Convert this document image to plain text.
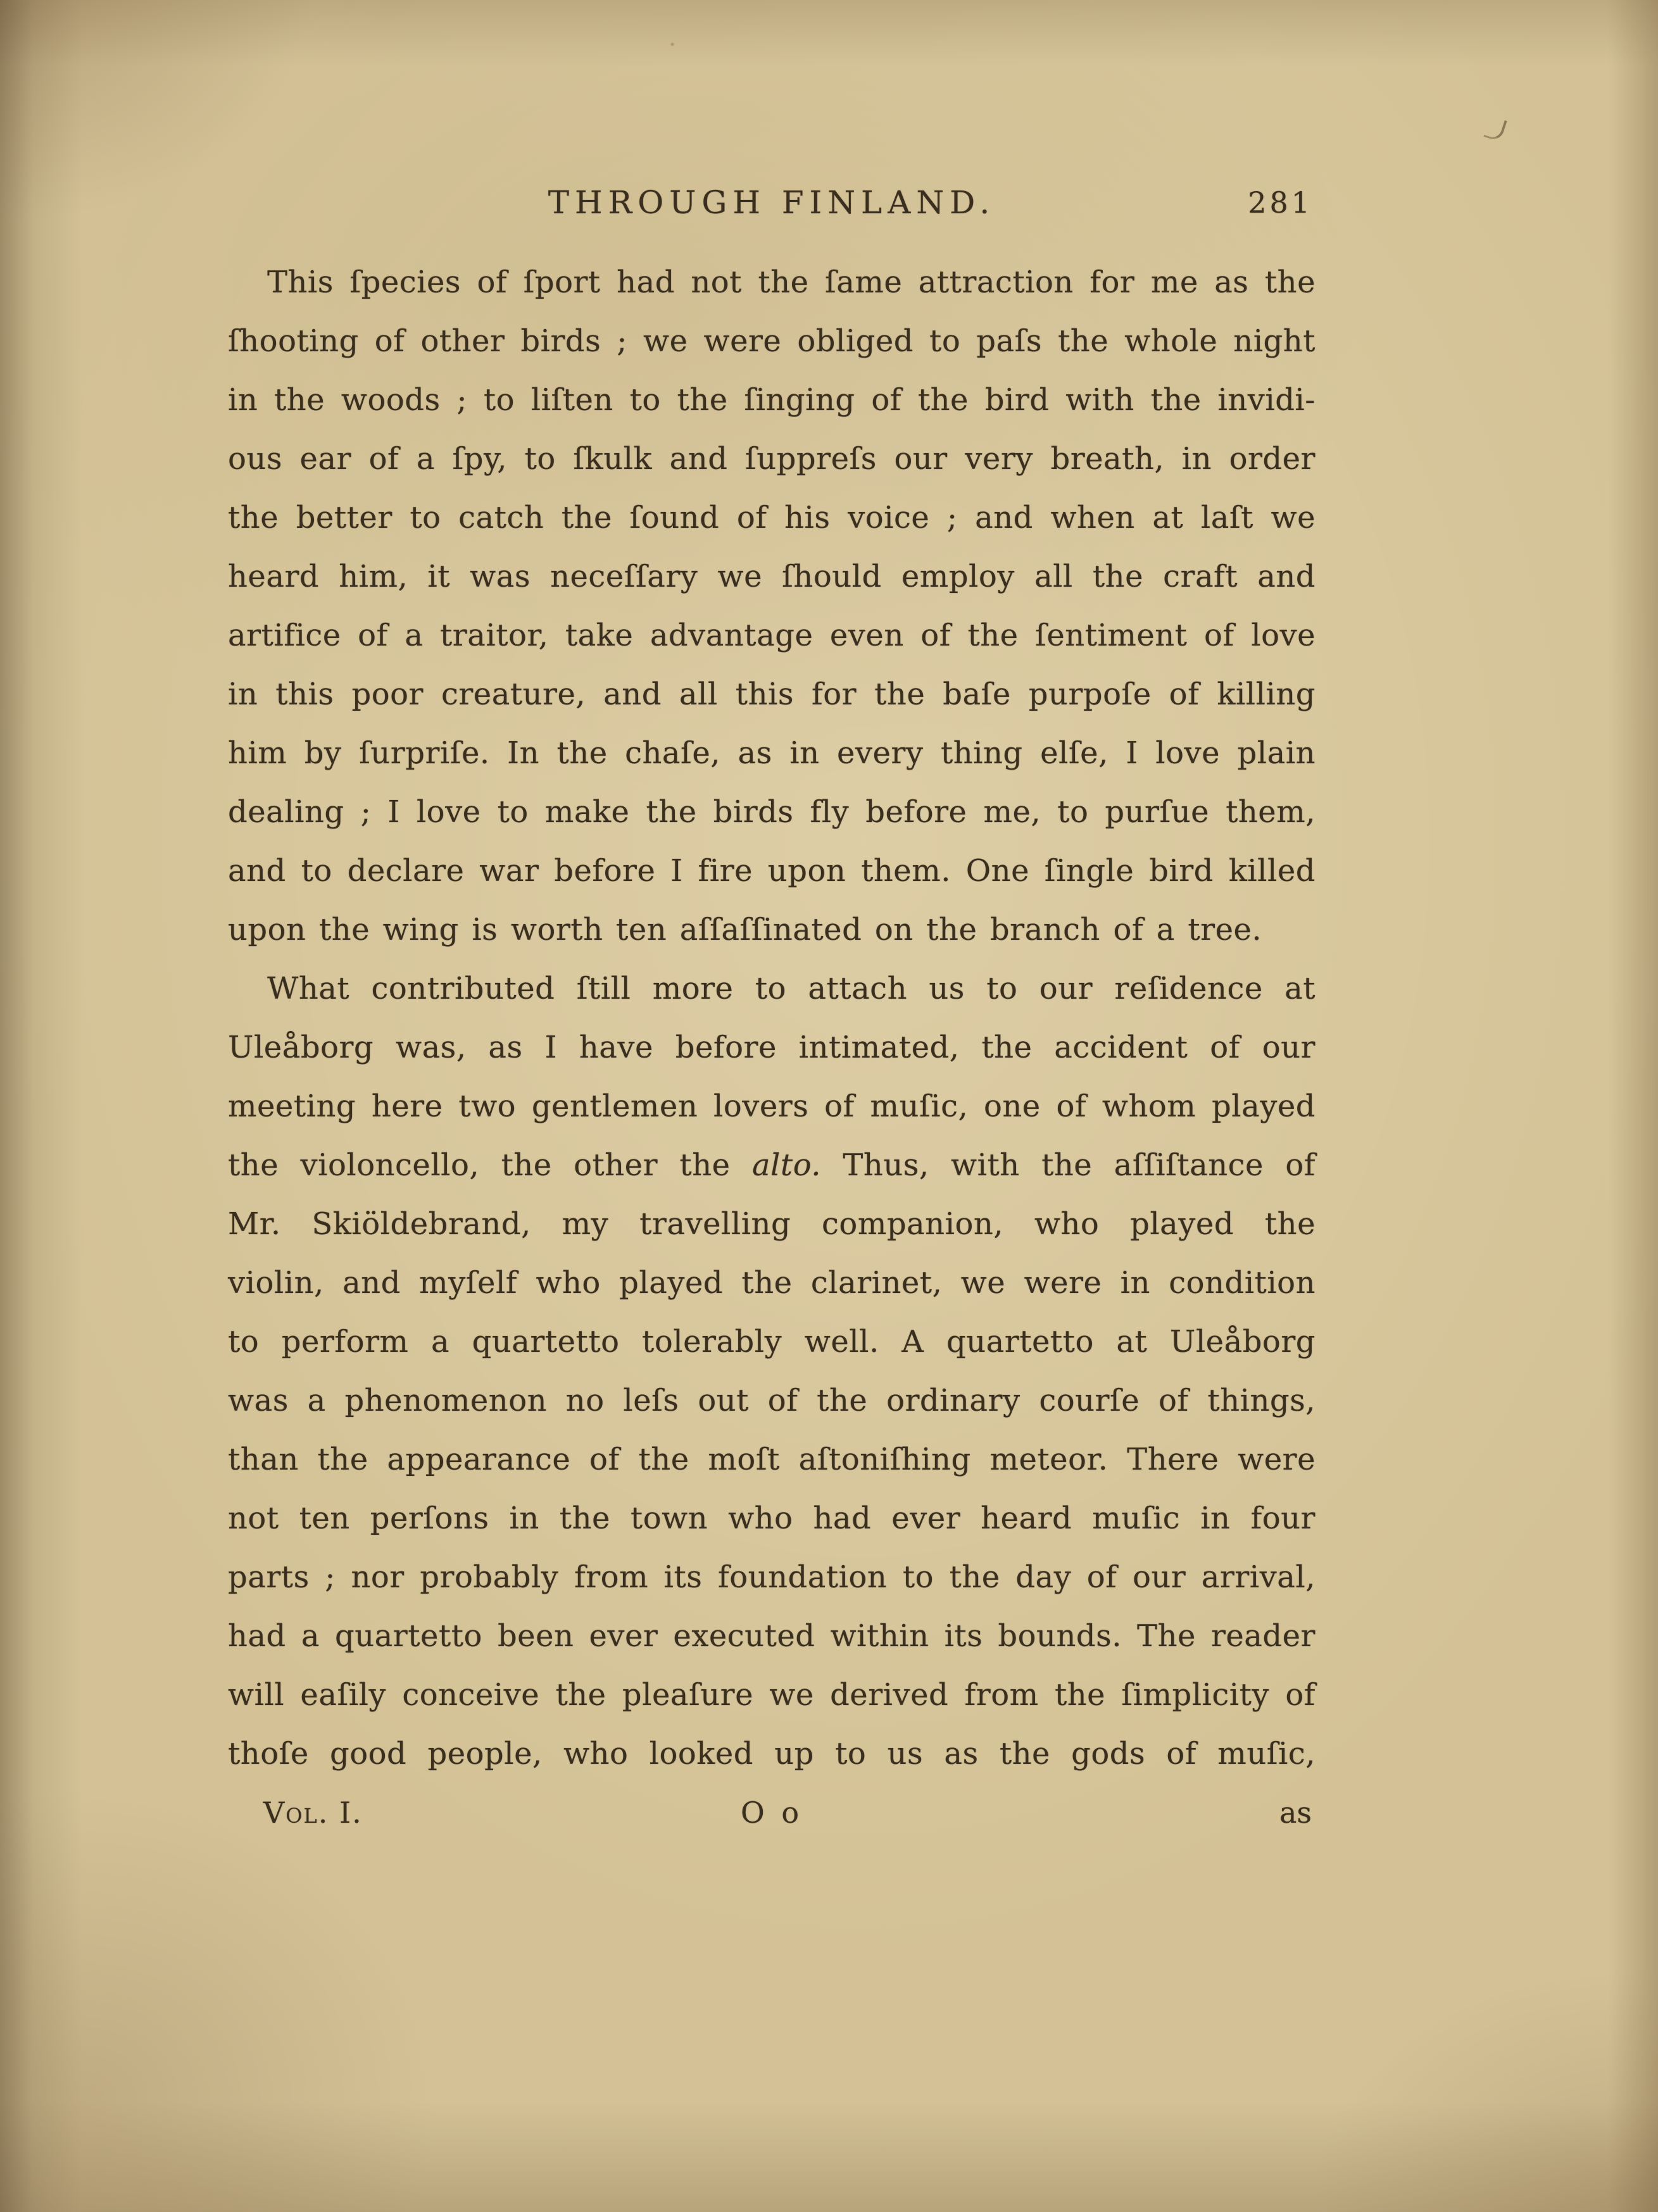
THROUGH FINLAND.	281
This ſpecies of ſport had not the ſame attraction for me as the
ſhooting of other birds ; we were obliged to paſs the whole night
in the woods ; to liſten to the ſinging of the bird with the invidi-
ous ear of a ſpy, to ſkulk and ſuppreſs our very breath, in order
the better to catch the ſound of his voice ; and when at laſt we
heard him, it was neceſſary we ſhould employ all the craft and
artifice of a traitor, take advantage even of the ſentiment of love
in this poor creature, and all this for the baſe purpoſe of killing
him by ſurpriſe. In the chaſe, as in every thing elſe, I love plain
dealing ; I love to make the birds fly before me, to purſue them,
and to declare war before I fire upon them. One ſingle bird killed
upon the wing is worth ten aſſaſſinated on the branch of a tree.
What contributed ſtill more to attach us to our reſidence at
Uleåborg was, as I have before intimated, the accident of our
meeting here two gentlemen lovers of muſic, one of whom played
the violoncello, the other the alto. Thus, with the aſſiſtance of
Mr. Skiöldebrand, my travelling companion, who played the
violin, and myſelf who played the clarinet, we were in condition
to perform a quartetto tolerably well. A quartetto at Uleåborg
was a phenomenon no leſs out of the ordinary courſe of things,
than the appearance of the moſt aſtoniſhing meteor. There were
not ten perſons in the town who had ever heard muſic in four
parts ; nor probably from its foundation to the day of our arrival,
had a quartetto been ever executed within its bounds. The reader
will eaſily conceive the pleaſure we derived from the ſimplicity of
thoſe good people, who looked up to us as the gods of muſic,
Vol. I.	O o	as
